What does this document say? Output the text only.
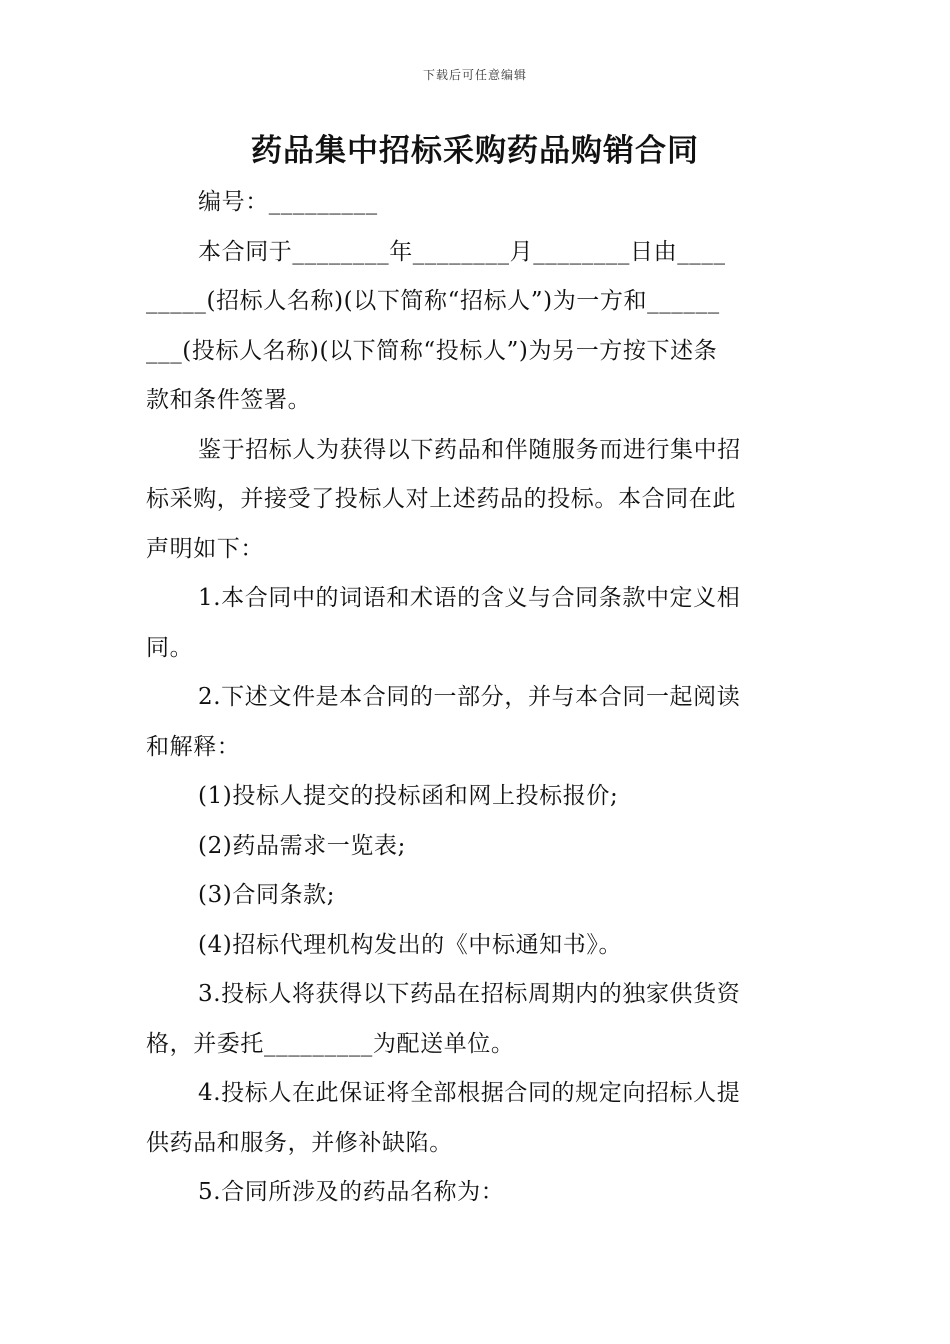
下载后可任意编辑
药品集中招标采购药品购销合同
编号：_________
本合同于________年________月________日由____
_____(招标人名称)(以下简称“招标人”)为一方和______
___(投标人名称)(以下简称“投标人”)为另一方按下述条
款和条件签署。
鉴于招标人为获得以下药品和伴随服务而进行集中招
标采购，并接受了投标人对上述药品的投标。本合同在此
声明如下：
1.本合同中的词语和术语的含义与合同条款中定义相
同。
2.下述文件是本合同的一部分，并与本合同一起阅读
和解释：
(1)投标人提交的投标函和网上投标报价;
(2)药品需求一览表;
(3)合同条款;
(4)招标代理机构发出的《中标通知书》。
3.投标人将获得以下药品在招标周期内的独家供货资
格，并委托_________为配送单位。
4.投标人在此保证将全部根据合同的规定向招标人提
供药品和服务，并修补缺陷。
5.合同所涉及的药品名称为：
